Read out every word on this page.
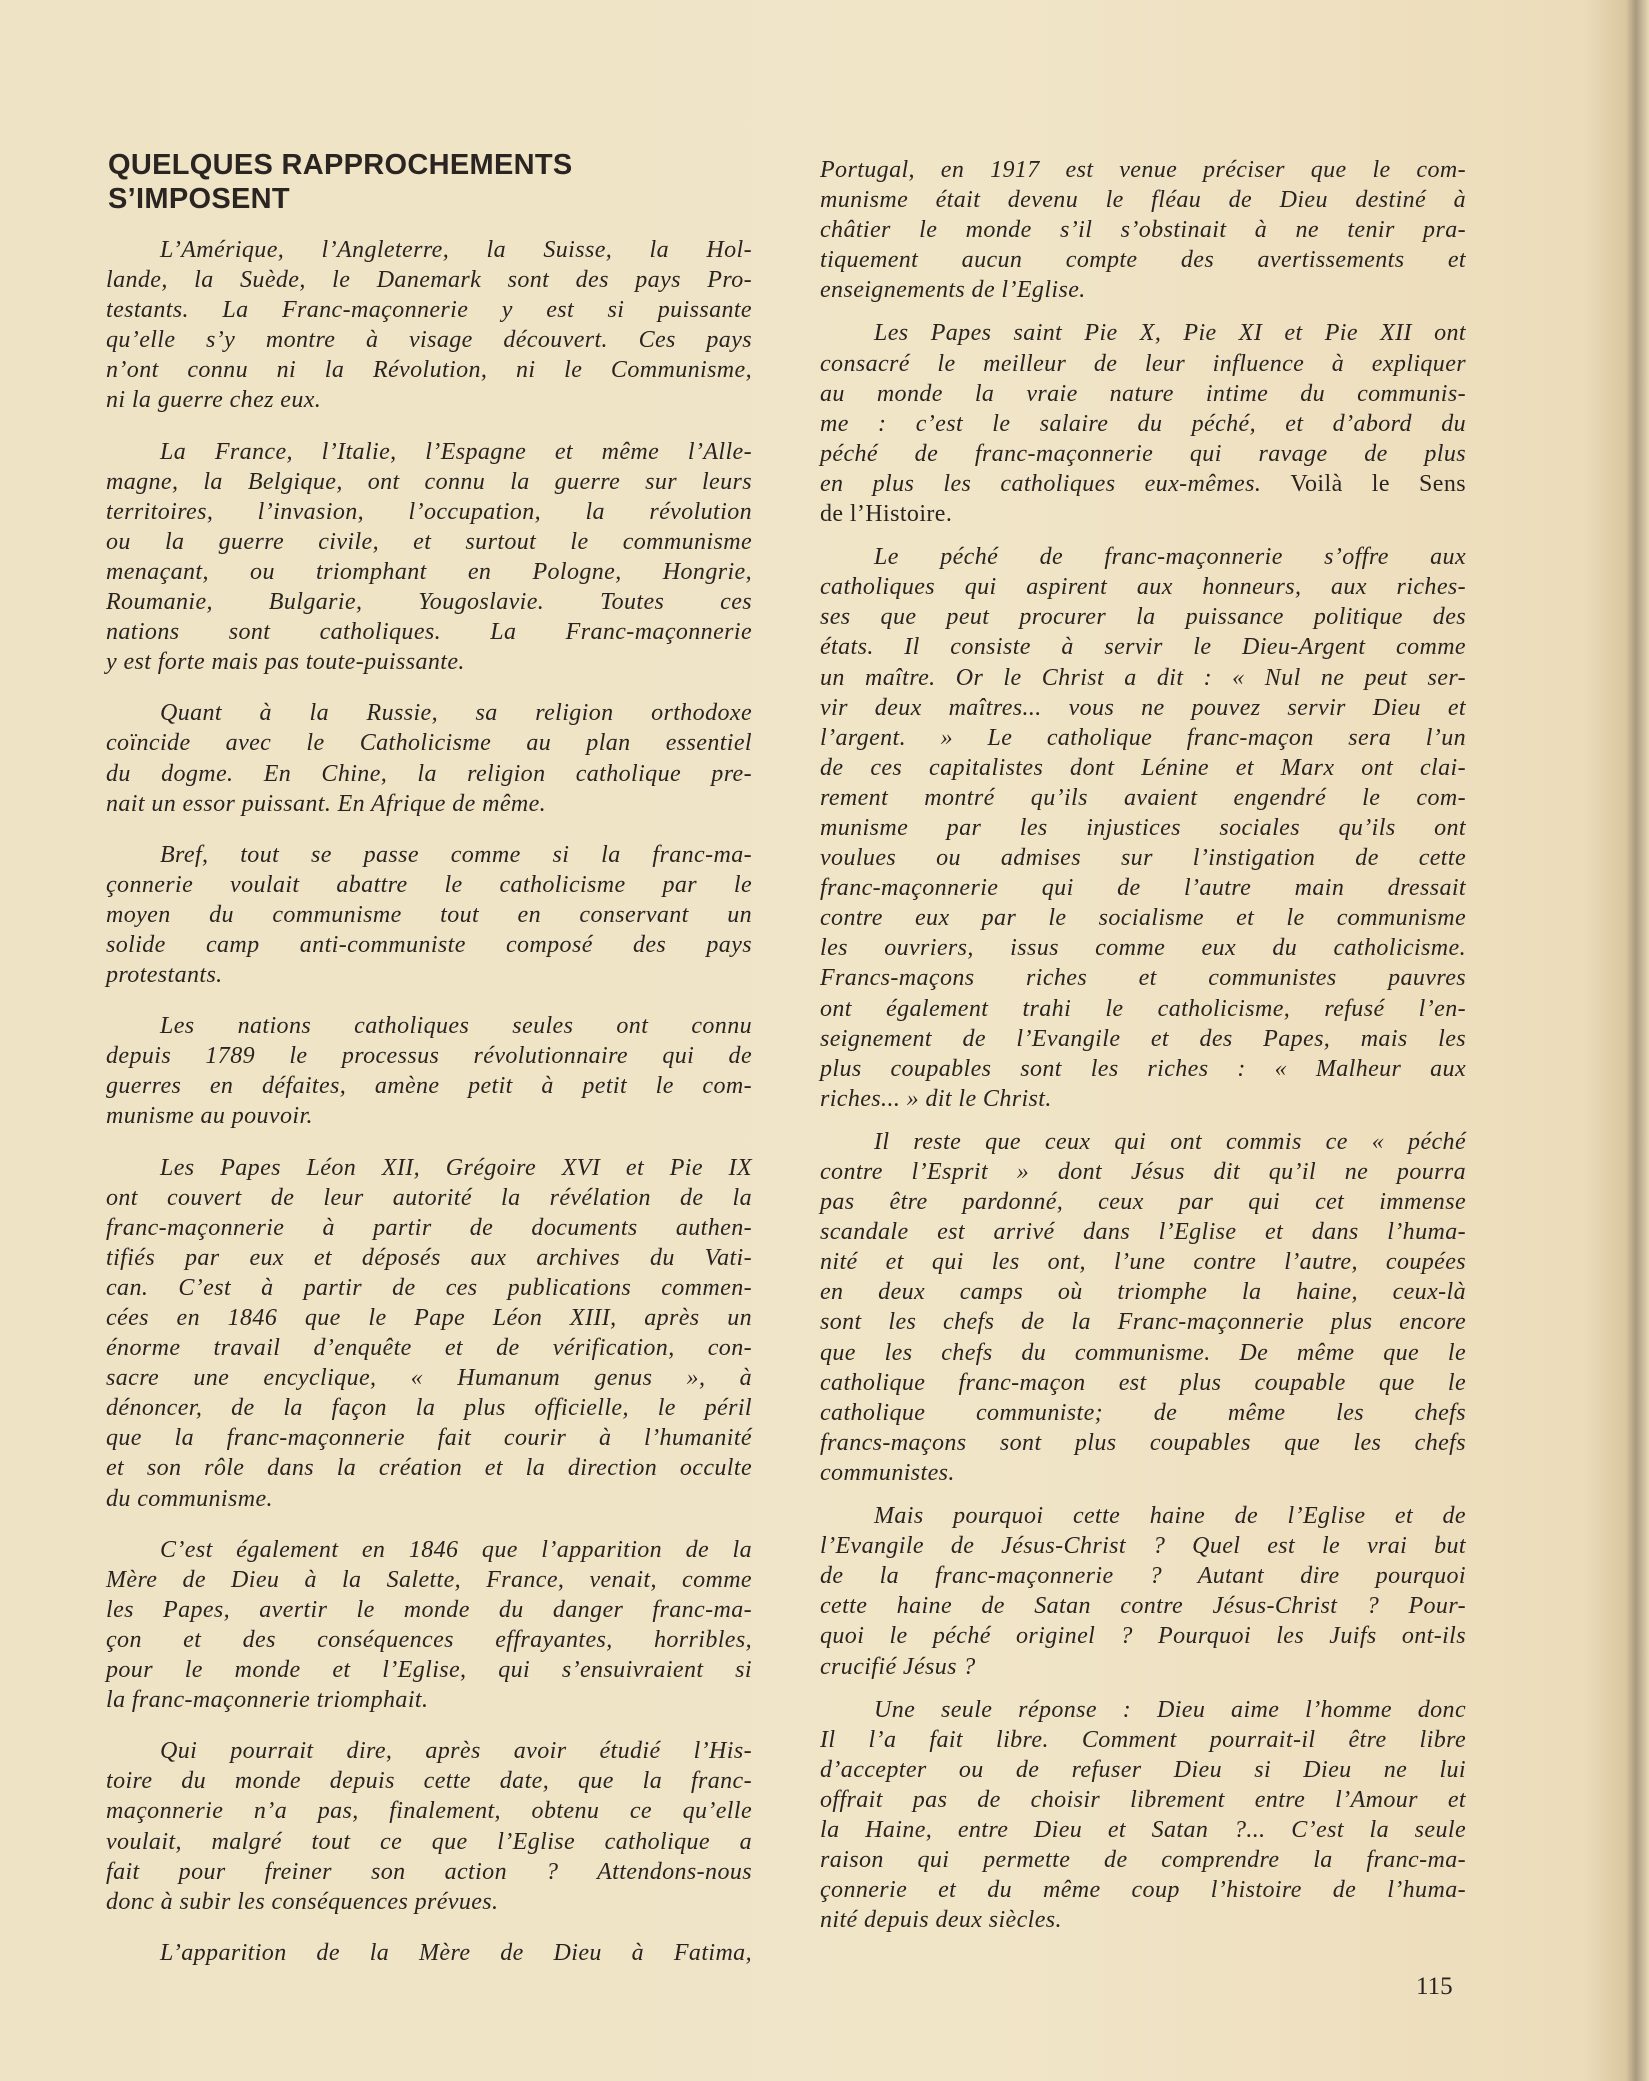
QUELQUES RAPPROCHEMENTS
S’IMPOSENT
L’Amérique, l’Angleterre, la Suisse, la Hol-
lande, la Suède, le Danemark sont des pays Pro-
testants. La Franc-maçonnerie y est si puissante
qu’elle s’y montre à visage découvert. Ces pays
n’ont connu ni la Révolution, ni le Communisme,
ni la guerre chez eux.
La France, l’Italie, l’Espagne et même l’Alle-
magne, la Belgique, ont connu la guerre sur leurs
territoires, l’invasion, l’occupation, la révolution
ou la guerre civile, et surtout le communisme
menaçant, ou triomphant en Pologne, Hongrie,
Roumanie, Bulgarie, Yougoslavie. Toutes ces
nations sont catholiques. La Franc-maçonnerie
y est forte mais pas toute-puissante.
Quant à la Russie, sa religion orthodoxe
coïncide avec le Catholicisme au plan essentiel
du dogme. En Chine, la religion catholique pre-
nait un essor puissant. En Afrique de même.
Bref, tout se passe comme si la franc-ma-
çonnerie voulait abattre le catholicisme par le
moyen du communisme tout en conservant un
solide camp anti-communiste composé des pays
protestants.
Les nations catholiques seules ont connu
depuis 1789 le processus révolutionnaire qui de
guerres en défaites, amène petit à petit le com-
munisme au pouvoir.
Les Papes Léon XII, Grégoire XVI et Pie IX
ont couvert de leur autorité la révélation de la
franc-maçonnerie à partir de documents authen-
tifiés par eux et déposés aux archives du Vati-
can. C’est à partir de ces publications commen-
cées en 1846 que le Pape Léon XIII, après un
énorme travail d’enquête et de vérification, con-
sacre une encyclique, « Humanum genus », à
dénoncer, de la façon la plus officielle, le péril
que la franc-maçonnerie fait courir à l’humanité
et son rôle dans la création et la direction occulte
du communisme.
C’est également en 1846 que l’apparition de la
Mère de Dieu à la Salette, France, venait, comme
les Papes, avertir le monde du danger franc-ma-
çon et des conséquences effrayantes, horribles,
pour le monde et l’Eglise, qui s’ensuivraient si
la franc-maçonnerie triomphait.
Qui pourrait dire, après avoir étudié l’His-
toire du monde depuis cette date, que la franc-
maçonnerie n’a pas, finalement, obtenu ce qu’elle
voulait, malgré tout ce que l’Eglise catholique a
fait pour freiner son action ? Attendons-nous
donc à subir les conséquences prévues.
L’apparition de la Mère de Dieu à Fatima,
Portugal, en 1917 est venue préciser que le com-
munisme était devenu le fléau de Dieu destiné à
châtier le monde s’il s’obstinait à ne tenir pra-
tiquement aucun compte des avertissements et
enseignements de l’Eglise.
Les Papes saint Pie X, Pie XI et Pie XII ont
consacré le meilleur de leur influence à expliquer
au monde la vraie nature intime du communis-
me : c’est le salaire du péché, et d’abord du
péché de franc-maçonnerie qui ravage de plus
en plus les catholiques eux-mêmes. Voilà le Sens
de l’Histoire.
Le péché de franc-maçonnerie s’offre aux
catholiques qui aspirent aux honneurs, aux riches-
ses que peut procurer la puissance politique des
états. Il consiste à servir le Dieu-Argent comme
un maître. Or le Christ a dit : « Nul ne peut ser-
vir deux maîtres... vous ne pouvez servir Dieu et
l’argent. » Le catholique franc-maçon sera l’un
de ces capitalistes dont Lénine et Marx ont clai-
rement montré qu’ils avaient engendré le com-
munisme par les injustices sociales qu’ils ont
voulues ou admises sur l’instigation de cette
franc-maçonnerie qui de l’autre main dressait
contre eux par le socialisme et le communisme
les ouvriers, issus comme eux du catholicisme.
Francs-maçons riches et communistes pauvres
ont également trahi le catholicisme, refusé l’en-
seignement de l’Evangile et des Papes, mais les
plus coupables sont les riches : « Malheur aux
riches... » dit le Christ.
Il reste que ceux qui ont commis ce « péché
contre l’Esprit » dont Jésus dit qu’il ne pourra
pas être pardonné, ceux par qui cet immense
scandale est arrivé dans l’Eglise et dans l’huma-
nité et qui les ont, l’une contre l’autre, coupées
en deux camps où triomphe la haine, ceux-là
sont les chefs de la Franc-maçonnerie plus encore
que les chefs du communisme. De même que le
catholique franc-maçon est plus coupable que le
catholique communiste; de même les chefs
francs-maçons sont plus coupables que les chefs
communistes.
Mais pourquoi cette haine de l’Eglise et de
l’Evangile de Jésus-Christ ? Quel est le vrai but
de la franc-maçonnerie ? Autant dire pourquoi
cette haine de Satan contre Jésus-Christ ? Pour-
quoi le péché originel ? Pourquoi les Juifs ont-ils
crucifié Jésus ?
Une seule réponse : Dieu aime l’homme donc
Il l’a fait libre. Comment pourrait-il être libre
d’accepter ou de refuser Dieu si Dieu ne lui
offrait pas de choisir librement entre l’Amour et
la Haine, entre Dieu et Satan ?... C’est la seule
raison qui permette de comprendre la franc-ma-
çonnerie et du même coup l’histoire de l’huma-
nité depuis deux siècles.
115
